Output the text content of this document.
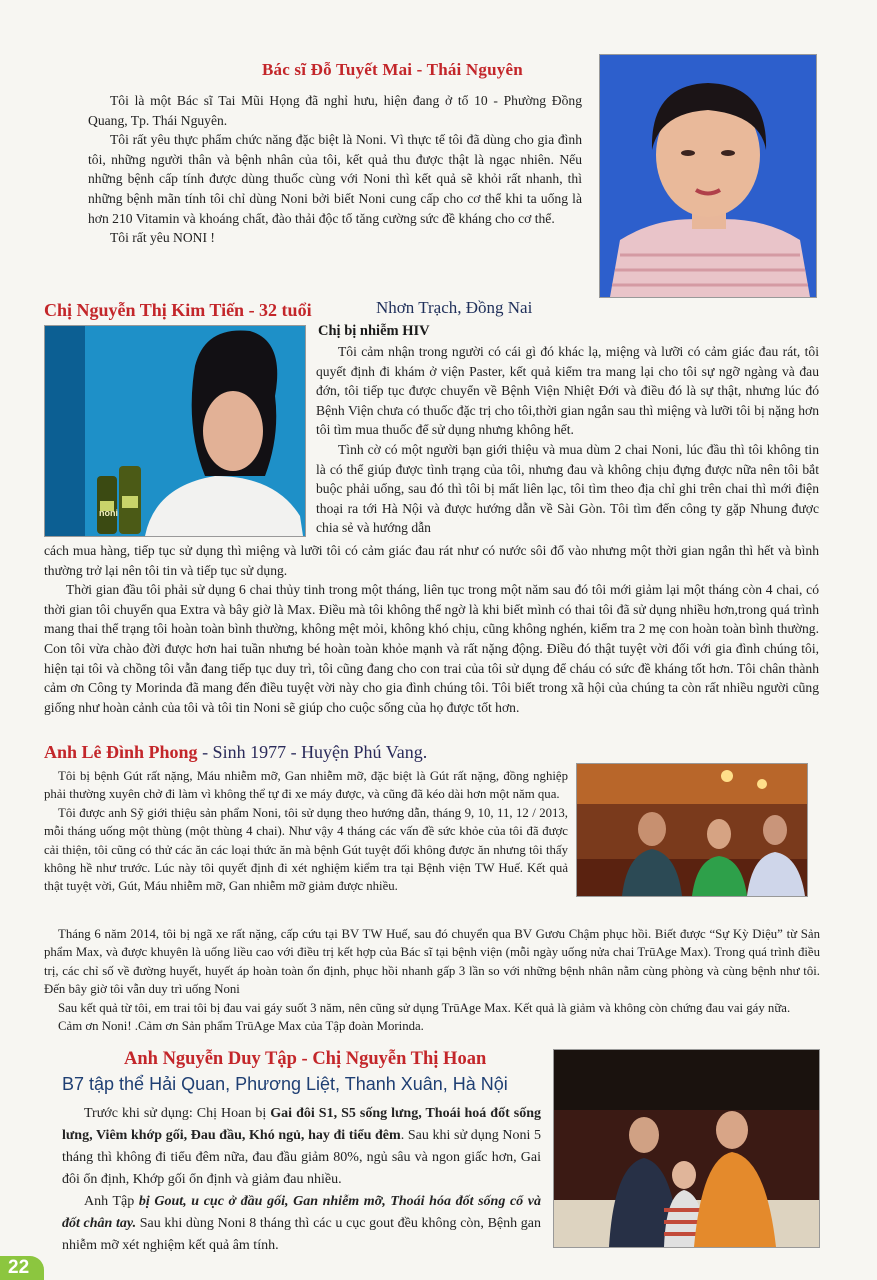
Bác sĩ Đỗ Tuyết Mai - Thái Nguyên

Tôi là một Bác sĩ Tai Mũi Họng đã nghỉ hưu, hiện đang ở tổ 10 - Phường Đồng Quang, Tp. Thái Nguyên.

Tôi rất yêu thực phẩm chức năng đặc biệt là Noni. Vì thực tế tôi đã dùng cho gia đình tôi, những người thân và bệnh nhân của tôi, kết quả thu được thật là ngạc nhiên. Nếu những bệnh cấp tính được dùng thuốc cùng với Noni thì kết quả sẽ khỏi rất nhanh, thì những bệnh mãn tính tôi chỉ dùng Noni bởi biết Noni cung cấp cho cơ thể khi ta uống là hơn 210 Vitamin và khoáng chất, đào thải độc tố tăng cường sức đề kháng cho cơ thể.

Tôi rất yêu NONI !

Chị Nguyễn Thị Kim Tiến - 32 tuổi	Nhơn Trạch, Đồng Nai
noni
Chị bị nhiễm HIV

Tôi cảm nhận trong người có cái gì đó khác lạ, miệng và lưỡi có cảm giác đau rát, tôi quyết định đi khám ở viện Paster, kết quả kiểm tra mang lại cho tôi sự ngỡ ngàng và đau đớn, tôi tiếp tục được chuyển về Bệnh Viện Nhiệt Đới và điều đó là sự thật, nhưng lúc đó Bệnh Viện chưa có thuốc đặc trị cho tôi,thời gian ngắn sau thì miệng và lưỡi tôi bị nặng hơn tôi tìm mua thuốc để sử dụng nhưng không hết.

Tình cờ có một người bạn giới thiệu và mua dùm 2 chai Noni, lúc đầu thì tôi không tin là có thể giúp được tình trạng của tôi, nhưng đau và không chịu đựng được nữa nên tôi bắt buộc phải uống, sau đó thì tôi bị mất liên lạc, tôi tìm theo địa chỉ ghi trên chai thì mới điện thoại ra tới Hà Nội và được hướng dẫn về Sài Gòn. Tôi tìm đến công ty gặp Nhung được chia sẻ và hướng dẫn

cách mua hàng, tiếp tục sử dụng thì miệng và lưỡi tôi có cảm giác đau rát như có nước sôi đổ vào nhưng một thời gian ngắn thì hết và bình thường trở lại nên tôi tin và tiếp tục sử dụng.

Thời gian đầu tôi phải sử dụng 6 chai thủy tinh trong một tháng, liên tục trong một năm sau đó tôi mới giảm lại một tháng còn 4 chai, có thời gian tôi chuyển qua Extra và bây giờ là Max. Điều mà tôi không thể ngờ là khi biết mình có thai tôi đã sử dụng nhiều hơn,trong quá trình mang thai thể trạng tôi hoàn toàn bình thường, không mệt mỏi, không khó chịu, cũng không nghén, kiểm tra 2 mẹ con hoàn toàn bình thường. Con tôi vừa chào đời được hơn hai tuần nhưng bé hoàn toàn khỏe mạnh và rất nặng động. Điều đó thật tuyệt vời đối với gia đình chúng tôi, hiện tại tôi và chồng tôi vẫn đang tiếp tục duy trì, tôi cũng đang cho con trai của tôi sử dụng để cháu có sức đề kháng tốt hơn. Tôi chân thành cảm ơn Công ty Morinda đã mang đến điều tuyệt vời này cho gia đình chúng tôi. Tôi biết trong xã hội của chúng ta còn rất nhiều người cũng giống như hoàn cảnh của tôi và tôi tin Noni sẽ giúp cho cuộc sống của họ được tốt hơn.

Anh Lê Đình Phong - Sinh 1977 - Huyện Phú Vang.

Tôi bị bệnh Gút rất nặng, Máu nhiễm mỡ, Gan nhiễm mỡ, đặc biệt là Gút rất nặng, đồng nghiệp phải thường xuyên chở đi làm vì không thể tự đi xe máy được, và cũng đã kéo dài hơn một năm qua.

Tôi được anh Sỹ giới thiệu sản phẩm Noni, tôi sử dụng theo hướng dẫn, tháng 9, 10, 11, 12 / 2013, mỗi tháng uống một thùng (một thùng 4 chai). Như vậy 4 tháng các vấn đề sức khỏe của tôi đã được cải thiện, tôi cũng có thử các ăn các loại thức ăn mà bệnh Gút tuyệt đối không được ăn nhưng tôi thấy không hề như trước. Lúc này tôi quyết định đi xét nghiệm kiểm tra tại Bệnh viện TW Huế. Kết quả thật tuyệt vời, Gút, Máu nhiễm mỡ, Gan nhiễm mỡ giảm được nhiều.

Tháng 6 năm 2014, tôi bị ngã xe rất nặng, cấp cứu tại BV TW Huế, sau đó chuyển qua BV Gươu Chậm phục hồi. Biết được “Sự Kỳ Diệu” từ Sản phẩm Max, và được khuyên là uống liều cao với điều trị kết hợp của Bác sĩ tại bệnh viện (mỗi ngày uống nửa chai TrūAge Max). Trong quá trình điều trị, các chỉ số về đường huyết, huyết áp hoàn toàn ổn định, phục hồi nhanh gấp 3 lần so với những bệnh nhân nằm cùng phòng và cùng bệnh như tôi. Đến bây giờ tôi vẫn duy trì uống Noni

Sau kết quả từ tôi, em trai tôi bị đau vai gáy suốt 3 năm, nên cũng sử dụng TrūAge Max. Kết quả là giảm và không còn chứng đau vai gáy nữa.

Cảm ơn Noni! .Cảm ơn Sản phẩm TrūAge Max của Tập đoàn Morinda.

Anh Nguyễn Duy Tập - Chị Nguyễn Thị Hoan
B7 tập thể Hải Quan, Phương Liệt, Thanh Xuân, Hà Nội

Trước khi sử dụng: Chị Hoan bị Gai đôi S1, S5 sống lưng, Thoái hoá đốt sống lưng, Viêm khớp gối, Đau đầu, Khó ngủ, hay đi tiểu đêm. Sau khi sử dụng Noni 5 tháng thì không đi tiểu đêm nữa, đau đầu giảm 80%, ngủ sâu và ngon giấc hơn, Gai đôi ổn định, Khớp gối ổn định và giảm đau nhiều.

Anh Tập bị Gout, u cục ở đầu gối, Gan nhiễm mỡ, Thoái hóa đốt sống cổ và đốt chân tay. Sau khi dùng Noni 8 tháng thì các u cục gout đều không còn, Bệnh gan nhiễm mỡ xét nghiệm kết quả âm tính.

22
